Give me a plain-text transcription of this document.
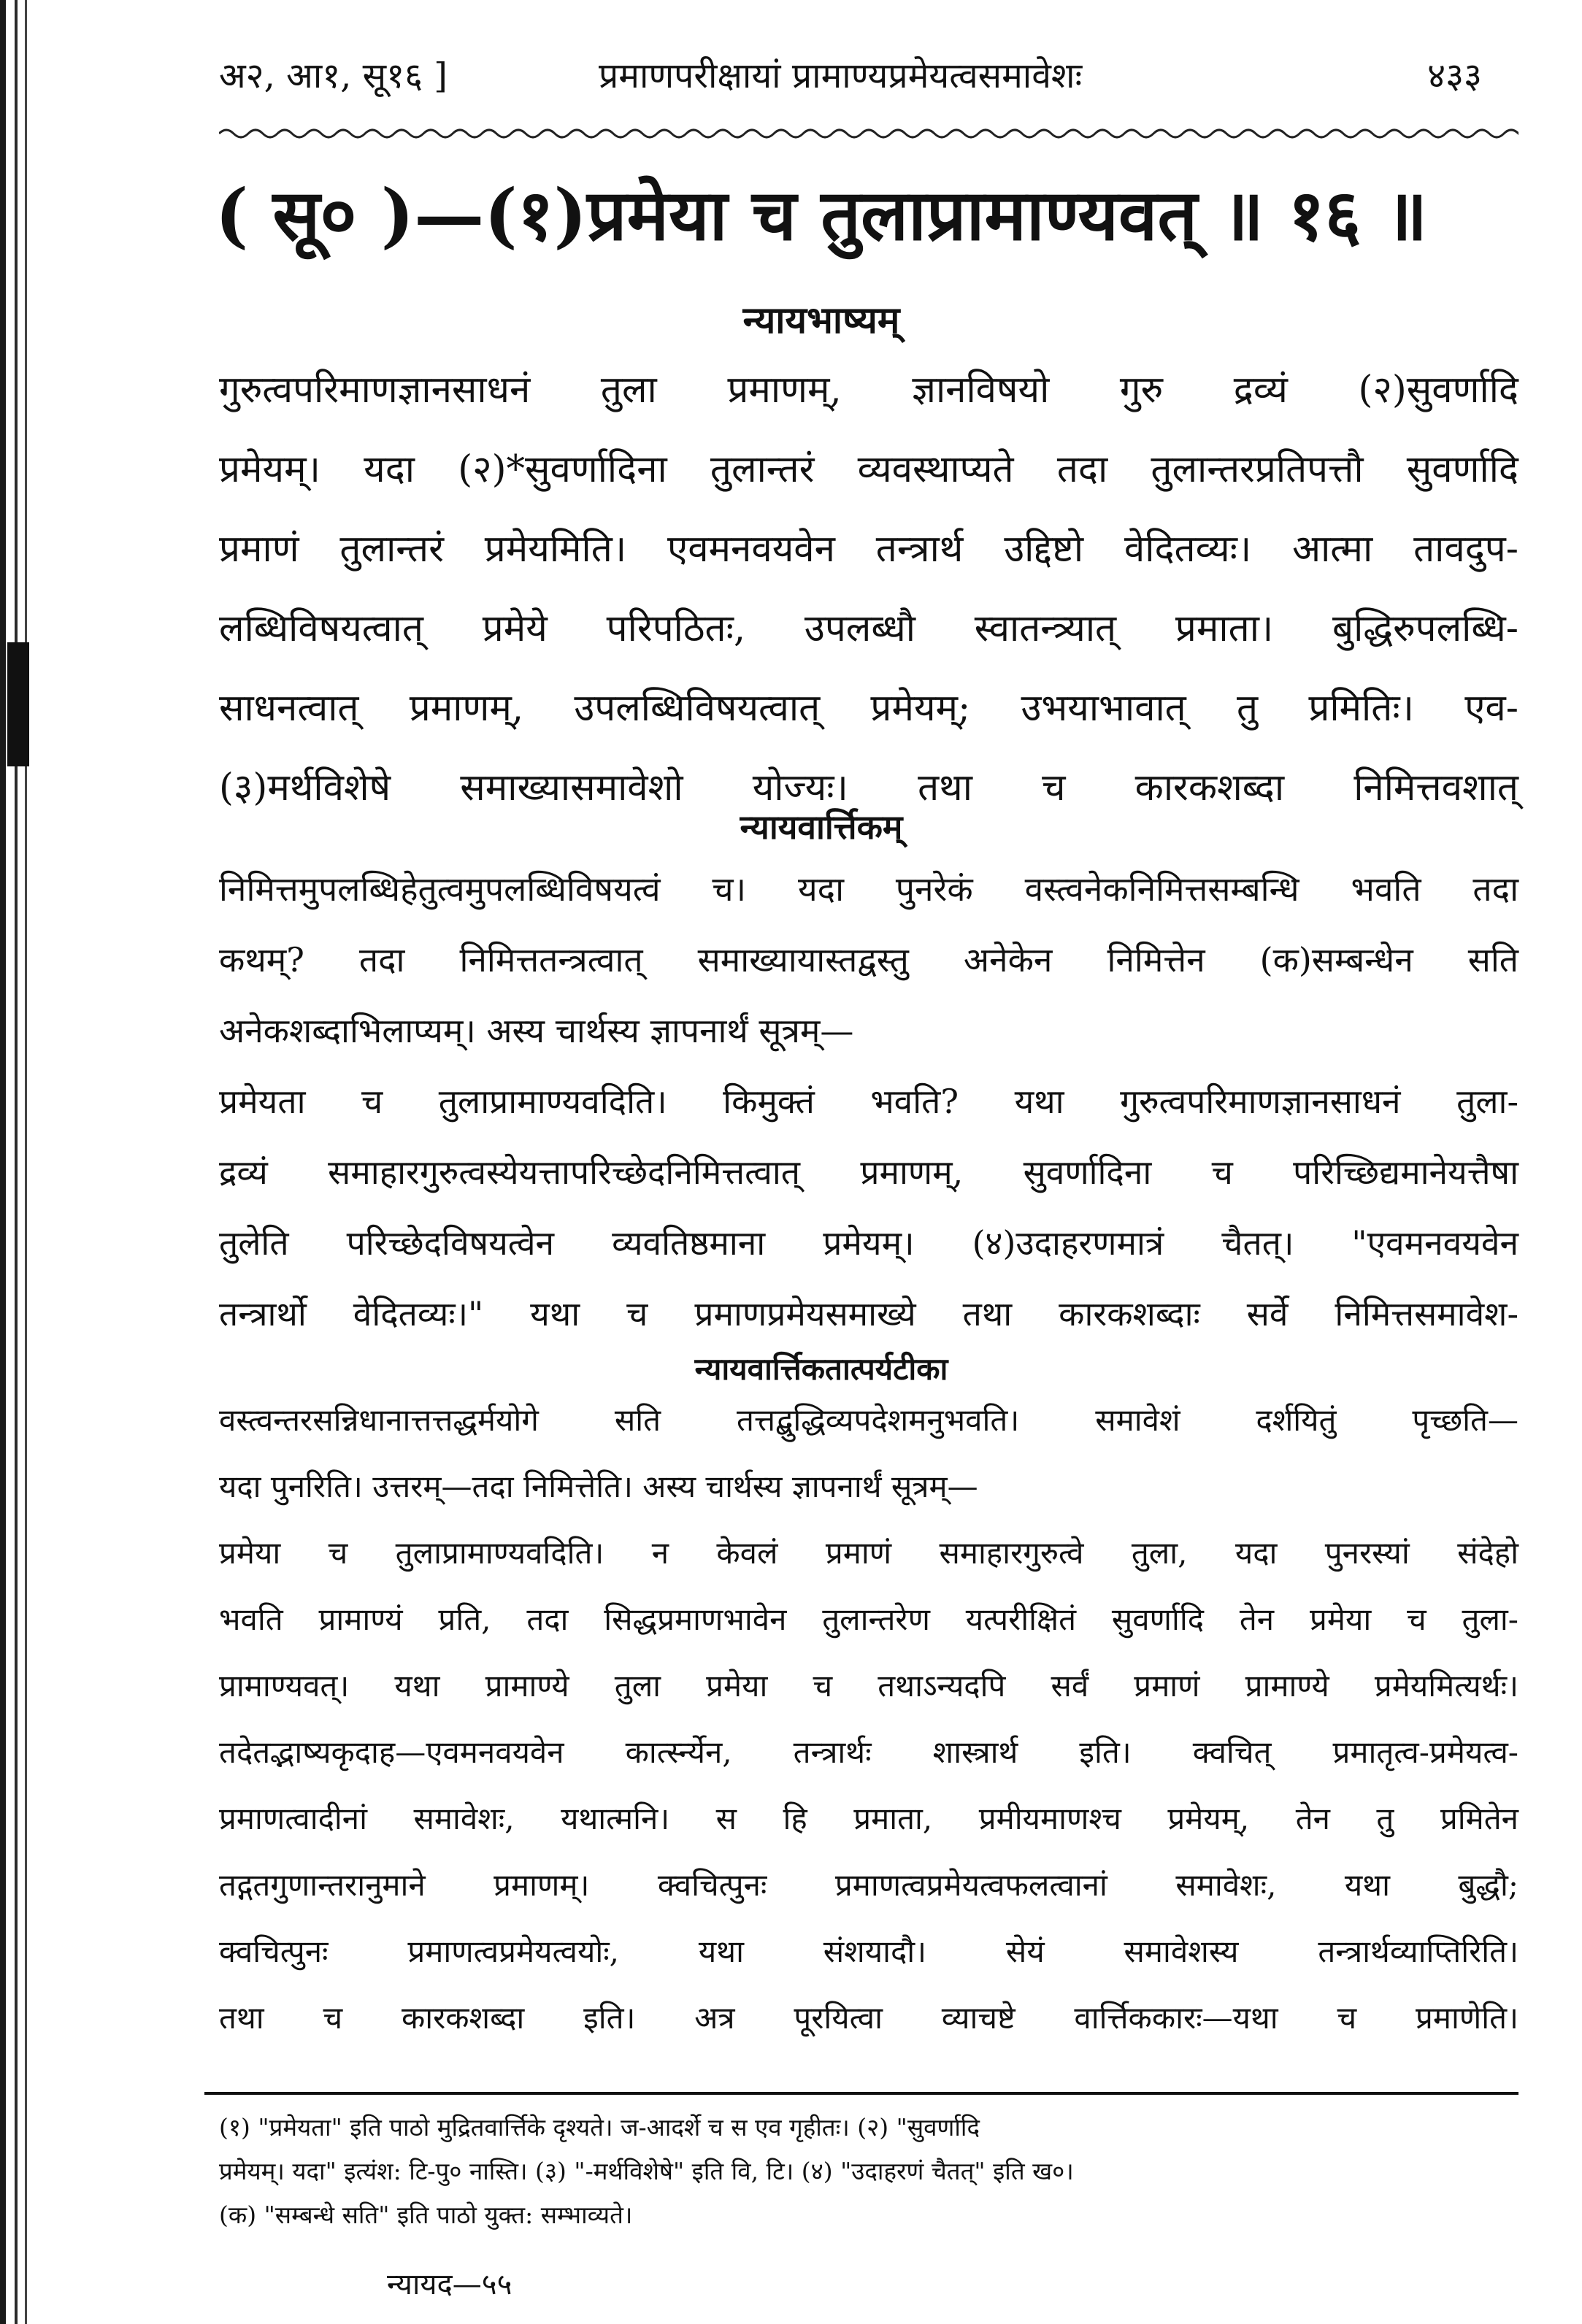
अ२, आ१, सू१६ ]	प्रमाणपरीक्षायां प्रामाण्यप्रमेयत्वसमावेशः	४३३
( सू० )—(१)प्रमेया च तुलाप्रामाण्यवत् ॥ १६ ॥
न्यायभाष्यम्
गुरुत्वपरिमाणज्ञानसाधनं तुला प्रमाणम्, ज्ञानविषयो गुरु द्रव्यं (२)सुवर्णादि
प्रमेयम्। यदा (२)*सुवर्णादिना तुलान्तरं व्यवस्थाप्यते तदा तुलान्तरप्रतिपत्तौ सुवर्णादि
प्रमाणं तुलान्तरं प्रमेयमिति। एवमनवयवेन तन्त्रार्थ उद्दिष्टो वेदितव्यः। आत्मा तावदुप-
लब्धिविषयत्वात् प्रमेये परिपठितः, उपलब्धौ स्वातन्त्र्यात् प्रमाता। बुद्धिरुपलब्धि-
साधनत्वात् प्रमाणम्, उपलब्धिविषयत्वात् प्रमेयम्; उभयाभावात् तु प्रमितिः। एव-
(३)मर्थविशेषे समाख्यासमावेशो योज्यः। तथा च कारकशब्दा निमित्तवशात्
न्यायवार्त्तिकम्
निमित्तमुपलब्धिहेतुत्वमुपलब्धिविषयत्वं च। यदा पुनरेकं वस्त्वनेकनिमित्तसम्बन्धि भवति तदा
कथम्? तदा निमित्ततन्त्रत्वात् समाख्यायास्तद्वस्तु अनेकेन निमित्तेन (क)सम्बन्धेन सति
अनेकशब्दाभिलाप्यम्। अस्य चार्थस्य ज्ञापनार्थं सूत्रम्—
प्रमेयता च तुलाप्रामाण्यवदिति। किमुक्तं भवति? यथा गुरुत्वपरिमाणज्ञानसाधनं तुला-
द्रव्यं समाहारगुरुत्वस्येयत्तापरिच्छेदनिमित्तत्वात् प्रमाणम्, सुवर्णादिना च परिच्छिद्यमानेयत्तैषा
तुलेति परिच्छेदविषयत्वेन व्यवतिष्ठमाना प्रमेयम्। (४)उदाहरणमात्रं चैतत्। "एवमनवयवेन
तन्त्रार्थो वेदितव्यः।" यथा च प्रमाणप्रमेयसमाख्ये तथा कारकशब्दाः सर्वे निमित्तसमावेश-
न्यायवार्त्तिकतात्पर्यटीका
वस्त्वन्तरसन्निधानात्तत्तद्धर्मयोगे सति तत्तद्बुद्धिव्यपदेशमनुभवति। समावेशं दर्शयितुं पृच्छति—
यदा पुनरिति। उत्तरम्—तदा निमित्तेति। अस्य चार्थस्य ज्ञापनार्थं सूत्रम्—
प्रमेया च तुलाप्रामाण्यवदिति। न केवलं प्रमाणं समाहारगुरुत्वे तुला, यदा पुनरस्यां संदेहो
भवति प्रामाण्यं प्रति, तदा सिद्धप्रमाणभावेन तुलान्तरेण यत्परीक्षितं सुवर्णादि तेन प्रमेया च तुला-
प्रामाण्यवत्। यथा प्रामाण्ये तुला प्रमेया च तथाऽन्यदपि सर्वं प्रमाणं प्रामाण्ये प्रमेयमित्यर्थः।
तदेतद्भाष्यकृदाह—एवमनवयवेन कार्त्स्न्येन, तन्त्रार्थः शास्त्रार्थ इति। क्वचित् प्रमातृत्व-प्रमेयत्व-
प्रमाणत्वादीनां समावेशः, यथात्मनि। स हि प्रमाता, प्रमीयमाणश्च प्रमेयम्, तेन तु प्रमितेन
तद्गतगुणान्तरानुमाने प्रमाणम्। क्वचित्पुनः प्रमाणत्वप्रमेयत्वफलत्वानां समावेशः, यथा बुद्धौ;
क्वचित्पुनः प्रमाणत्वप्रमेयत्वयोः, यथा संशयादौ। सेयं समावेशस्य तन्त्रार्थव्याप्तिरिति।
तथा च कारकशब्दा इति। अत्र पूरयित्वा व्याचष्टे वार्त्तिककारः—यथा च प्रमाणेति।
(१) "प्रमेयता" इति पाठो मुद्रितवार्त्तिके दृश्यते। ज-आदर्शे च स एव गृहीतः। (२) "सुवर्णादि
प्रमेयम्। यदा" इत्यंश: टि-पु० नास्ति। (३) "-मर्थविशेषे" इति वि, टि। (४) "उदाहरणं चैतत्" इति ख०।
(क) "सम्बन्धे सति" इति पाठो युक्त: सम्भाव्यते।
न्यायद—५५
